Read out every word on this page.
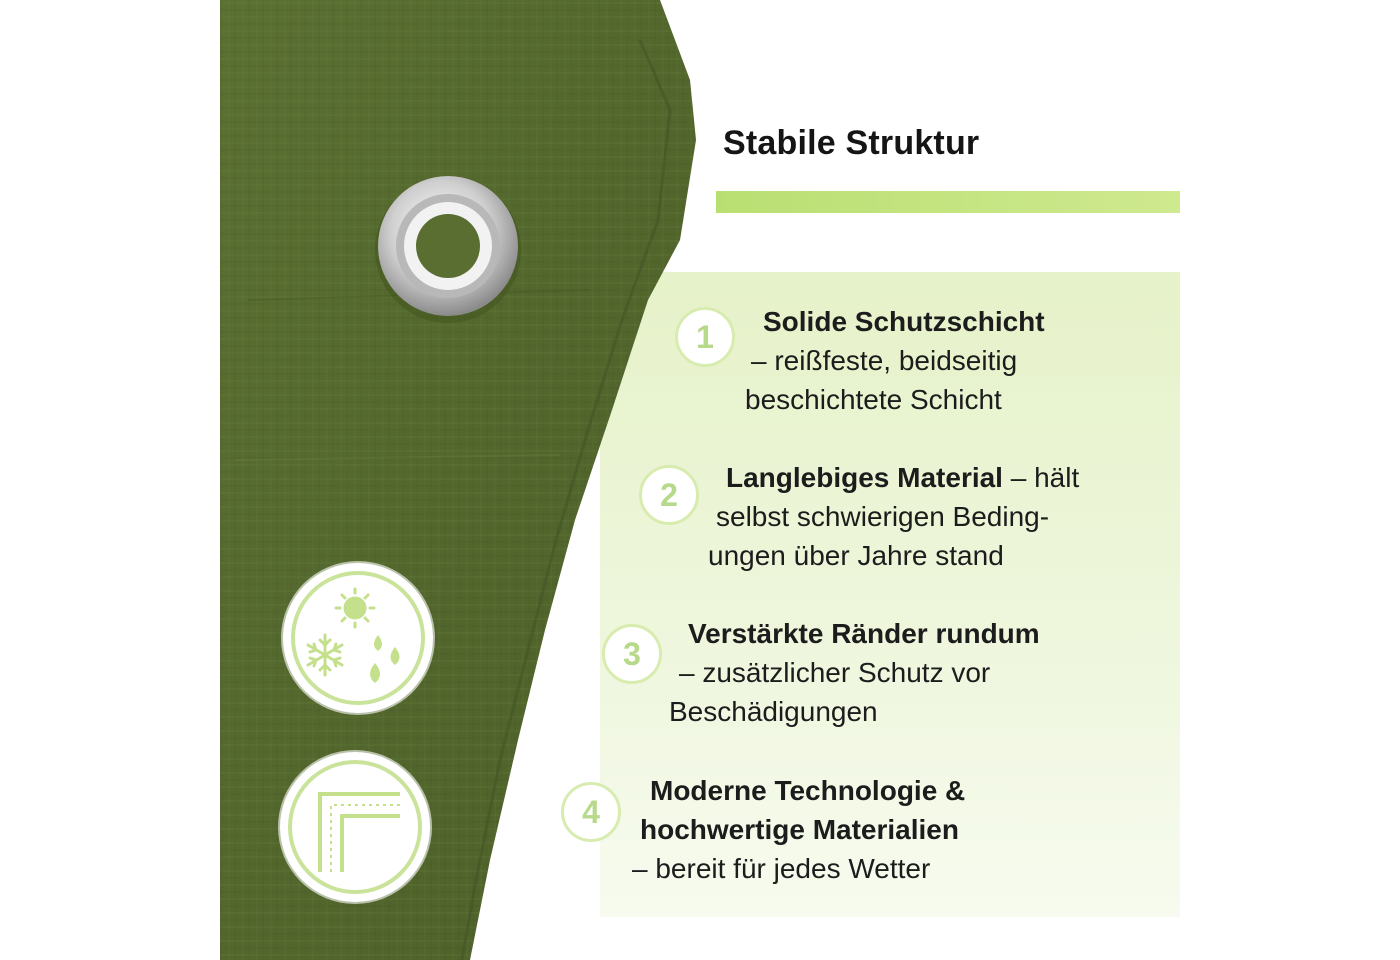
Stabile Struktur
1	Solide Schutzschicht
– reißfeste, beidseitig
beschichtete Schicht
2	Langlebiges Material – hält
selbst schwierigen Beding-
ungen über Jahre stand
3
Verstärkte Ränder rundum
– zusätzlicher Schutz vor
Beschädigungen
4
Moderne Technologie &
hochwertige Materialien
– bereit für jedes Wetter
